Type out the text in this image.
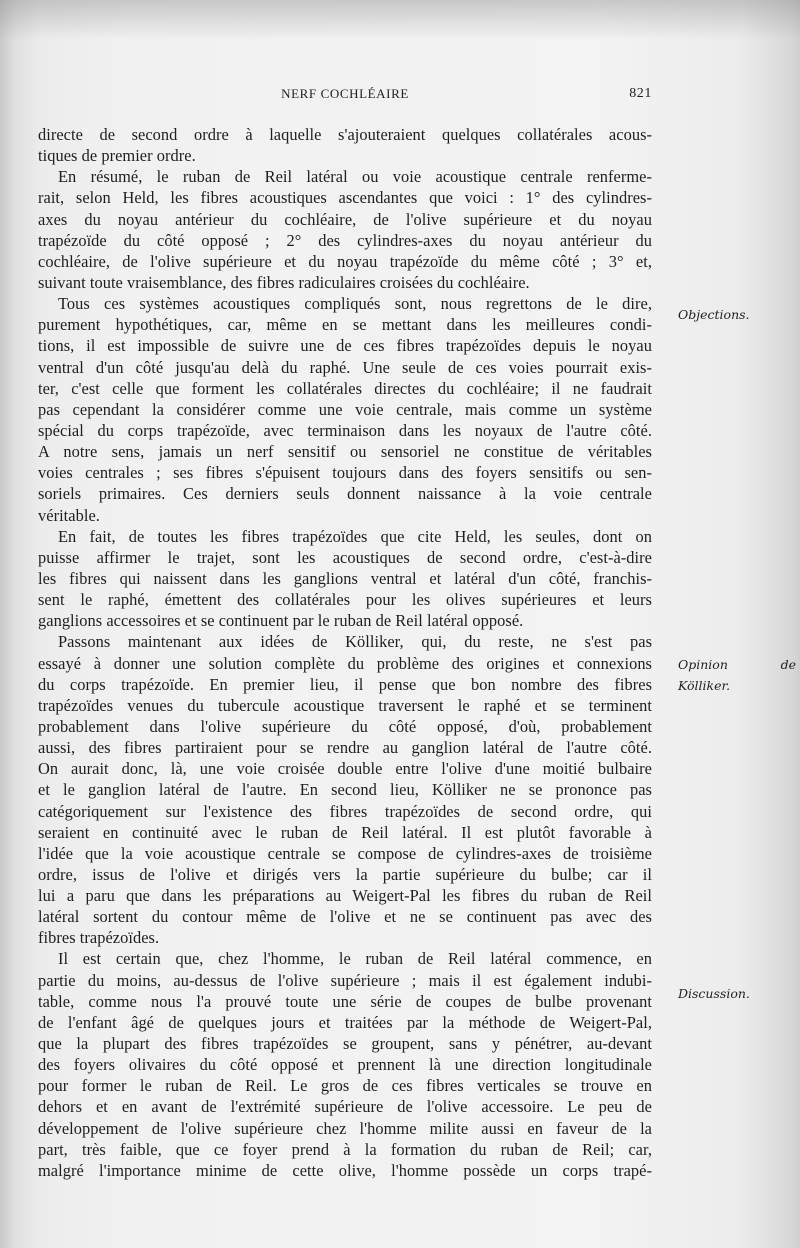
NERF COCHLÉAIRE	821

directe de second ordre à laquelle s'ajouteraient quelques collatérales acous-
tiques de premier ordre.

En résumé, le ruban de Reil latéral ou voie acoustique centrale renferme-
rait, selon Held, les fibres acoustiques ascendantes que voici : 1° des cylindres-
axes du noyau antérieur du cochléaire, de l'olive supérieure et du noyau
trapézoïde du côté opposé ; 2° des cylindres-axes du noyau antérieur du
cochléaire, de l'olive supérieure et du noyau trapézoïde du même côté ; 3° et,
suivant toute vraisemblance, des fibres radiculaires croisées du cochléaire.

Tous ces systèmes acoustiques compliqués sont, nous regrettons de le dire,
purement hypothétiques, car, même en se mettant dans les meilleures condi-
tions, il est impossible de suivre une de ces fibres trapézoïdes depuis le noyau
ventral d'un côté jusqu'au delà du raphé. Une seule de ces voies pourrait exis-
ter, c'est celle que forment les collatérales directes du cochléaire; il ne faudrait
pas cependant la considérer comme une voie centrale, mais comme un système
spécial du corps trapézoïde, avec terminaison dans les noyaux de l'autre côté.
A notre sens, jamais un nerf sensitif ou sensoriel ne constitue de véritables
voies centrales ; ses fibres s'épuisent toujours dans des foyers sensitifs ou sen-
soriels primaires. Ces derniers seuls donnent naissance à la voie centrale
véritable.

En fait, de toutes les fibres trapézoïdes que cite Held, les seules, dont on
puisse affirmer le trajet, sont les acoustiques de second ordre, c'est-à-dire
les fibres qui naissent dans les ganglions ventral et latéral d'un côté, franchis-
sent le raphé, émettent des collatérales pour les olives supérieures et leurs
ganglions accessoires et se continuent par le ruban de Reil latéral opposé.

Passons maintenant aux idées de Kölliker, qui, du reste, ne s'est pas
essayé à donner une solution complète du problème des origines et connexions
du corps trapézoïde. En premier lieu, il pense que bon nombre des fibres
trapézoïdes venues du tubercule acoustique traversent le raphé et se terminent
probablement dans l'olive supérieure du côté opposé, d'où, probablement
aussi, des fibres partiraient pour se rendre au ganglion latéral de l'autre côté.
On aurait donc, là, une voie croisée double entre l'olive d'une moitié bulbaire
et le ganglion latéral de l'autre. En second lieu, Kölliker ne se prononce pas
catégoriquement sur l'existence des fibres trapézoïdes de second ordre, qui
seraient en continuité avec le ruban de Reil latéral. Il est plutôt favorable à
l'idée que la voie acoustique centrale se compose de cylindres-axes de troisième
ordre, issus de l'olive et dirigés vers la partie supérieure du bulbe; car il
lui a paru que dans les préparations au Weigert-Pal les fibres du ruban de Reil
latéral sortent du contour même de l'olive et ne se continuent pas avec des
fibres trapézoïdes.

Il est certain que, chez l'homme, le ruban de Reil latéral commence, en
partie du moins, au-dessus de l'olive supérieure ; mais il est également indubi-
table, comme nous l'a prouvé toute une série de coupes de bulbe provenant
de l'enfant âgé de quelques jours et traitées par la méthode de Weigert-Pal,
que la plupart des fibres trapézoïdes se groupent, sans y pénétrer, au-devant
des foyers olivaires du côté opposé et prennent là une direction longitudinale
pour former le ruban de Reil. Le gros de ces fibres verticales se trouve en
dehors et en avant de l'extrémité supérieure de l'olive accessoire. Le peu de
développement de l'olive supérieure chez l'homme milite aussi en faveur de la
part, très faible, que ce foyer prend à la formation du ruban de Reil; car,
malgré l'importance minime de cette olive, l'homme possède un corps trapé-

Objections.
Opinion de
Kölliker.
Discussion.
